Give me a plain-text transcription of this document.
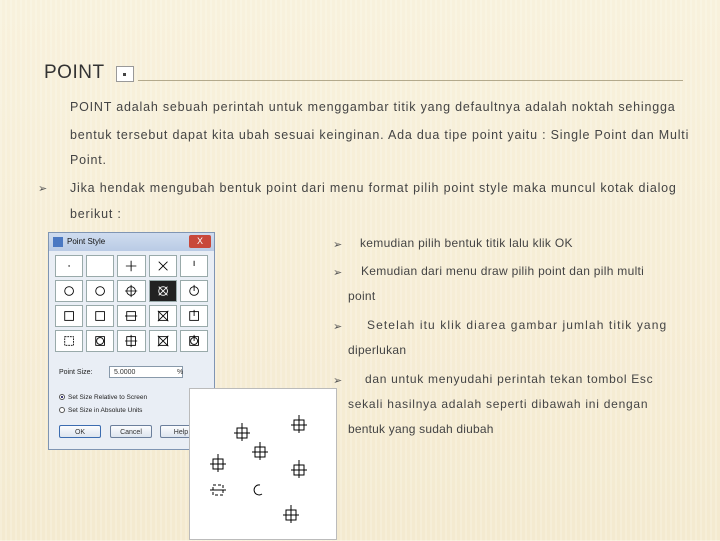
POINT
POINT adalah sebuah perintah untuk menggambar titik yang defaultnya adalah noktah sehingga
bentuk tersebut dapat kita ubah sesuai keinginan. Ada dua tipe point yaitu : Single Point dan Multi
Point.
➢ Jika hendak mengubah bentuk point dari menu format pilih point style maka muncul kotak dialog
berikut :
➢ kemudian pilih bentuk titik lalu klik OK
➢ Kemudian dari menu draw pilih point dan pilh multi
point
➢ Setelah itu klik diarea gambar jumlah titik yang
diperlukan
➢ dan untuk menyudahi perintah tekan tombol Esc
sekali hasilnya adalah seperti dibawah ini dengan
bentuk yang sudah diubah
Point Style	X
Point Size:	5.0000	%
Set Size Relative to Screen
Set Size in Absolute Units
OK	Cancel	Help
